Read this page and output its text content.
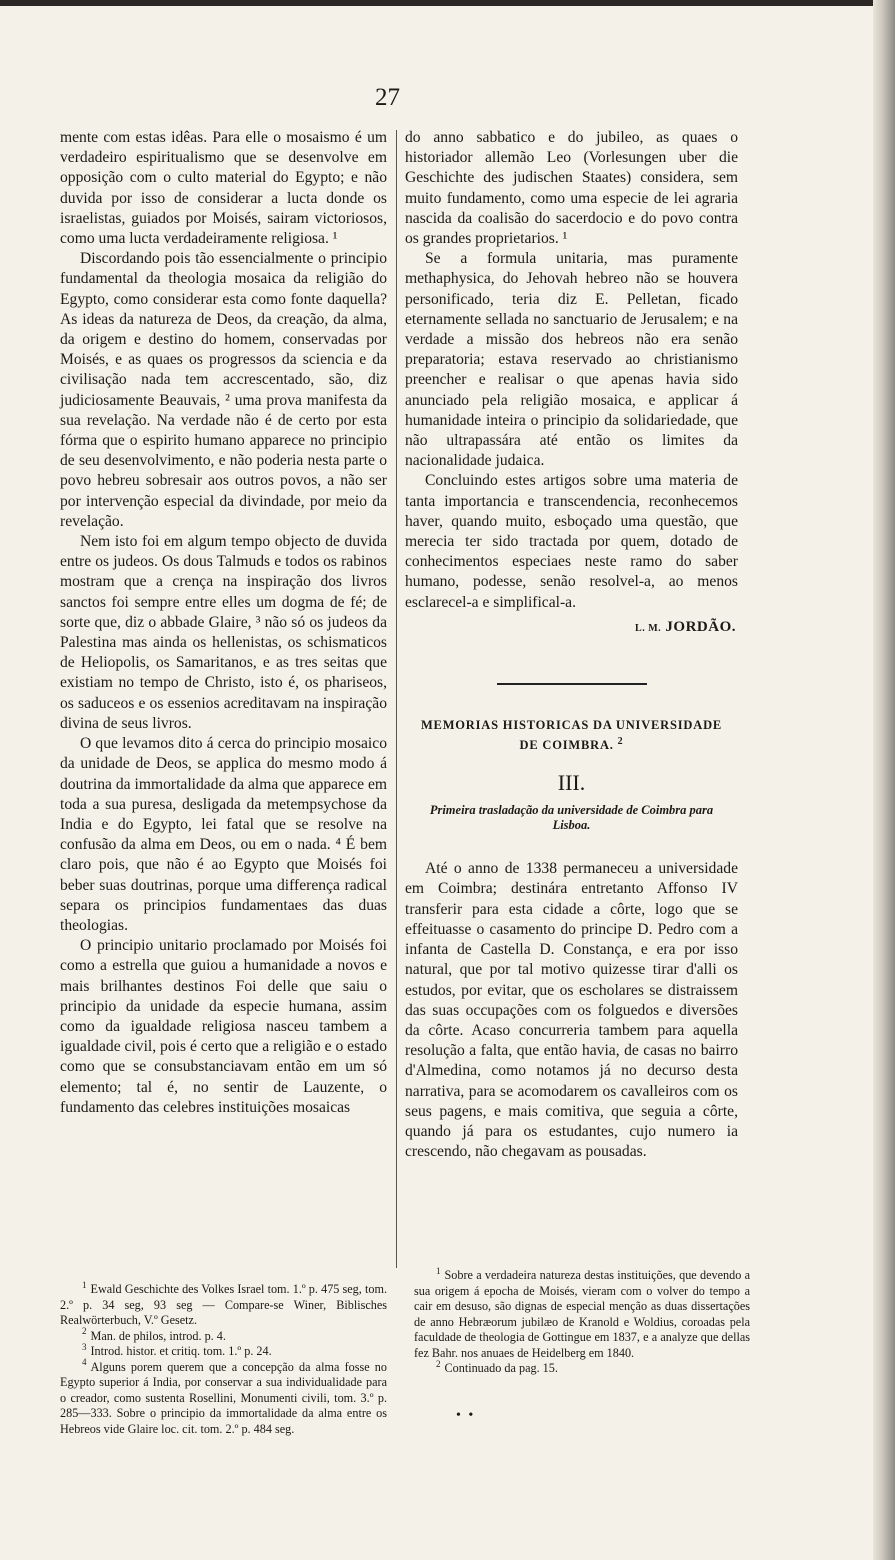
27

mente com estas idêas. Para elle o mosaismo é um verdadeiro espiritualismo que se desenvolve em opposição com o culto material do Egypto; e não duvida por isso de considerar a lucta donde os israelistas, guiados por Moisés, sairam victoriosos, como uma lucta verdadeiramente religiosa. ¹

Discordando pois tão essencialmente o principio fundamental da theologia mosaica da religião do Egypto, como considerar esta como fonte daquella? As ideas da natureza de Deos, da creação, da alma, da origem e destino do homem, conservadas por Moisés, e as quaes os progressos da sciencia e da civilisação nada tem accrescentado, são, diz judiciosamente Beauvais, ² uma prova manifesta da sua revelação. Na verdade não é de certo por esta fórma que o espirito humano apparece no principio de seu desenvolvimento, e não poderia nesta parte o povo hebreu sobresair aos outros povos, a não ser por intervenção especial da divindade, por meio da revelação.

Nem isto foi em algum tempo objecto de duvida entre os judeos. Os dous Talmuds e todos os rabinos mostram que a crença na inspiração dos livros sanctos foi sempre entre elles um dogma de fé; de sorte que, diz o abbade Glaire, ³ não só os judeos da Palestina mas ainda os hellenistas, os schismaticos de Heliopolis, os Samaritanos, e as tres seitas que existiam no tempo de Christo, isto é, os phariseos, os saduceos e os essenios acreditavam na inspiração divina de seus livros.

O que levamos dito á cerca do principio mosaico da unidade de Deos, se applica do mesmo modo á doutrina da immortalidade da alma que apparece em toda a sua puresa, desligada da metempsychose da India e do Egypto, lei fatal que se resolve na confusão da alma em Deos, ou em o nada. ⁴ É bem claro pois, que não é ao Egypto que Moisés foi beber suas doutrinas, porque uma differença radical separa os principios fundamentaes das duas theologias.

O principio unitario proclamado por Moisés foi como a estrella que guiou a humanidade a novos e mais brilhantes destinos Foi delle que saiu o principio da unidade da especie humana, assim como da igualdade religiosa nasceu tambem a igualdade civil, pois é certo que a religião e o estado como que se consubstanciavam então em um só elemento; tal é, no sentir de Lauzente, o fundamento das celebres instituições mosaicas

$^1$ Ewald Geschichte des Volkes Israel tom. 1.º p. 475 seg, tom. 2.º p. 34 seg, 93 seg — Compare-se Winer, Biblisches Realwörterbuch, V.º Gesetz.

$^2$ Man. de philos, introd. p. 4.

$^3$ Introd. histor. et critiq. tom. 1.º p. 24.

$^4$ Alguns porem querem que a concepção da alma fosse no Egypto superior á India, por conservar a sua individualidade para o creador, como sustenta Rosellini, Monumenti civili, tom. 3.º p. 285—333. Sobre o principio da immortalidade da alma entre os Hebreos vide Glaire loc. cit. tom. 2.º p. 484 seg.

do anno sabbatico e do jubileo, as quaes o historiador allemão Leo (Vorlesungen uber die Geschichte des judischen Staates) considera, sem muito fundamento, como uma especie de lei agraria nascida da coalisão do sacerdocio e do povo contra os grandes proprietarios. ¹

Se a formula unitaria, mas puramente methaphysica, do Jehovah hebreo não se houvera personificado, teria diz E. Pelletan, ficado eternamente sellada no sanctuario de Jerusalem; e na verdade a missão dos hebreos não era senão preparatoria; estava reservado ao christianismo preencher e realisar o que apenas havia sido anunciado pela religião mosaica, e applicar á humanidade inteira o principio da solidariedade, que não ultrapassára até então os limites da nacionalidade judaica.

Concluindo estes artigos sobre uma materia de tanta importancia e transcendencia, reconhecemos haver, quando muito, esboçado uma questão, que merecia ter sido tractada por quem, dotado de conhecimentos especiaes neste ramo do saber humano, podesse, senão resolvel-a, ao menos esclarecel-a e simplifical-a.

L. M. JORDÃO.

MEMORIAS HISTORICAS DA UNIVERSIDADE

DE COIMBRA. $^2$

III.
Primeira trasladação da universidade de Coimbra para Lisboa.

Até o anno de 1338 permaneceu a universidade em Coimbra; destinára entretanto Affonso IV transferir para esta cidade a côrte, logo que se effeituasse o casamento do principe D. Pedro com a infanta de Castella D. Constança, e era por isso natural, que por tal motivo quizesse tirar d'alli os estudos, por evitar, que os escholares se distraissem das suas occupações com os folguedos e diversões da côrte. Acaso concurreria tambem para aquella resolução a falta, que então havia, de casas no bairro d'Almedina, como notamos já no decurso desta narrativa, para se acomodarem os cavalleiros com os seus pagens, e mais comitiva, que seguia a côrte, quando já para os estudantes, cujo numero ia crescendo, não chegavam as pousadas.

$^1$ Sobre a verdadeira natureza destas instituições, que devendo a sua origem á epocha de Moisés, vieram com o volver do tempo a cair em desuso, são dignas de especial menção as duas dissertações de anno Hebræorum jubilæo de Kranold e Woldius, coroadas pela faculdade de theologia de Gottingue em 1837, e a analyze que dellas fez Bahr. nos anuaes de Heidelberg em 1840.

$^2$ Continuado da pag. 15.

• •
